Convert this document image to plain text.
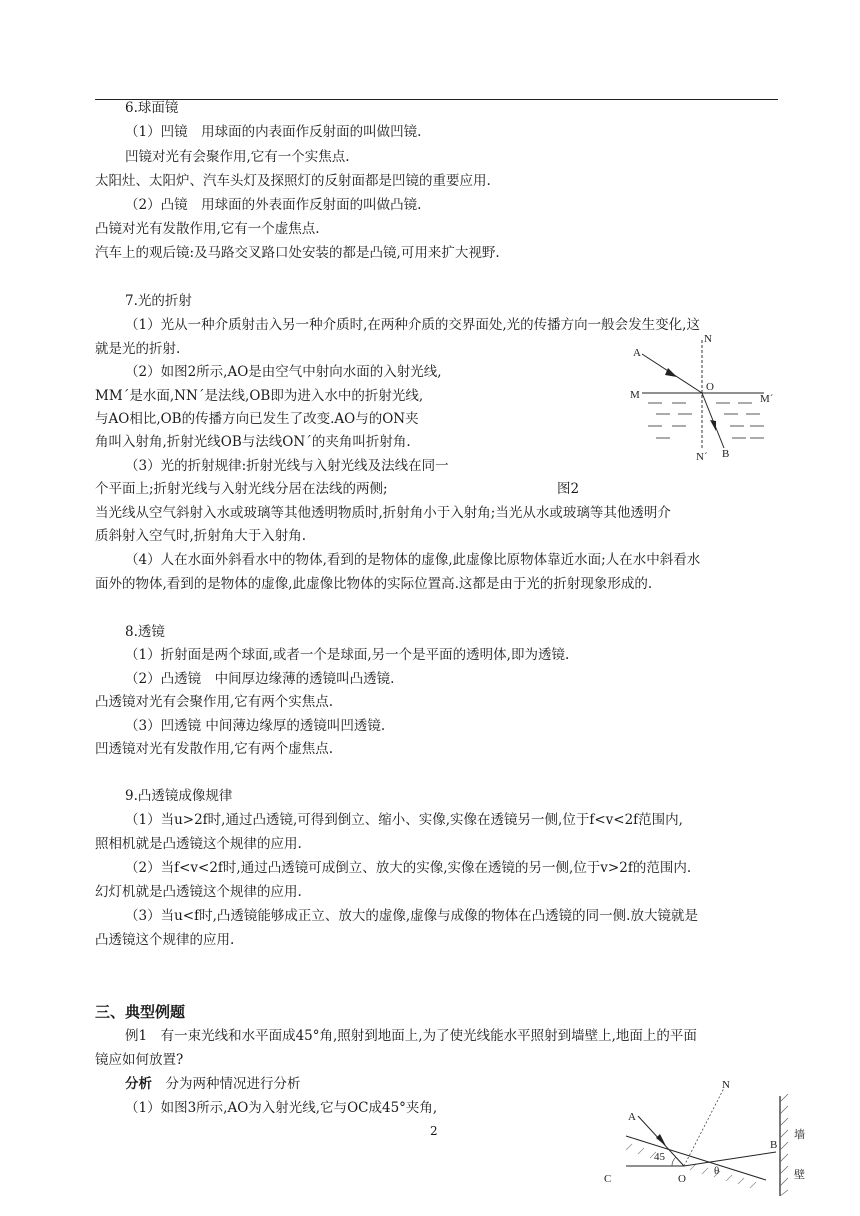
6.球面镜
（1）凹镜　用球面的内表面作反射面的叫做凹镜.
凹镜对光有会聚作用,它有一个实焦点.
太阳灶、太阳炉、汽车头灯及探照灯的反射面都是凹镜的重要应用.
（2）凸镜　用球面的外表面作反射面的叫做凸镜.
凸镜对光有发散作用,它有一个虚焦点.
汽车上的观后镜:及马路交叉路口处安装的都是凸镜,可用来扩大视野.
7.光的折射
（1）光从一种介质射击入另一种介质时,在两种介质的交界面处,光的传播方向一般会发生变化,这
就是光的折射.
（2）如图2所示,AO是由空气中射向水面的入射光线,
MM´是水面,NN´是法线,OB即为进入水中的折射光线,
与AO相比,OB的传播方向已发生了改变.AO与的ON夹
角叫入射角,折射光线OB与法线ON´的夹角叫折射角.
（3）光的折射规律:折射光线与入射光线及法线在同一
个平面上;折射光线与入射光线分居在法线的两侧;	图2
当光线从空气斜射入水或玻璃等其他透明物质时,折射角小于入射角;当光从水或玻璃等其他透明介
质斜射入空气时,折射角大于入射角.
（4）人在水面外斜看水中的物体,看到的是物体的虚像,此虚像比原物体靠近水面;人在水中斜看水
面外的物体,看到的是物体的虚像,此虚像比物体的实际位置高.这都是由于光的折射现象形成的.
A
N
O
M	M´
N´ B
8.透镜
（1）折射面是两个球面,或者一个是球面,另一个是平面的透明体,即为透镜.
（2）凸透镜　中间厚边缘薄的透镜叫凸透镜.
凸透镜对光有会聚作用,它有两个实焦点.
（3）凹透镜 中间薄边缘厚的透镜叫凹透镜.
凹透镜对光有发散作用,它有两个虚焦点.
9.凸透镜成像规律
（1）当u>2f时,通过凸透镜,可得到倒立、缩小、实像,实像在透镜另一侧,位于f<v<2f范围内,
照相机就是凸透镜这个规律的应用.
（2）当f<v<2f时,通过凸透镜可成倒立、放大的实像,实像在透镜的另一侧,位于v>2f的范围内.
幻灯机就是凸透镜这个规律的应用.
（3）当u<f时,凸透镜能够成正立、放大的虚像,虚像与成像的物体在凸透镜的同一侧.放大镜就是
凸透镜这个规律的应用.
三、典型例题
例1　有一束光线和水平面成45°角,照射到地面上,为了使光线能水平照射到墙壁上,地面上的平面
镜应如何放置?
分析　 分为两种情况进行分析
（1）如图3所示,AO为入射光线,它与OC成45°夹角,
A
N
B
C	O
45
θ
墙
壁
2
